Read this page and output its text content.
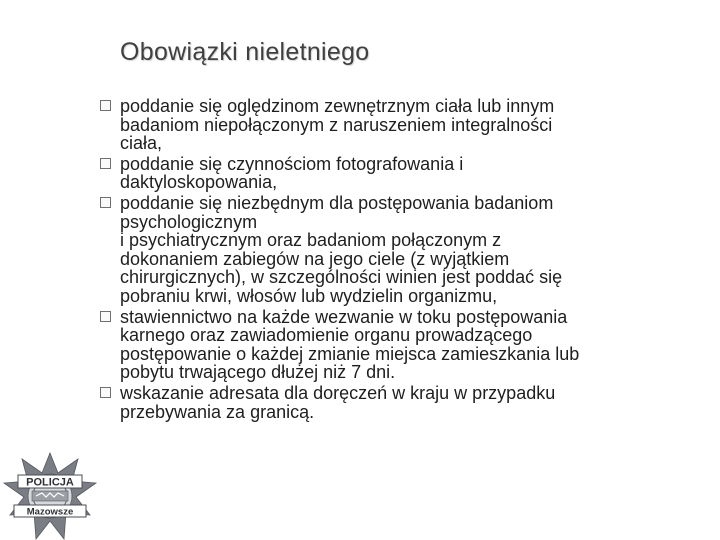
Obowiązki nieletniego
poddanie się oględzinom zewnętrznym ciała lub innym
badaniom niepołączonym z naruszeniem integralności
ciała,
poddanie się czynnościom fotografowania i
daktyloskopowania,
poddanie się niezbędnym dla postępowania badaniom
psychologicznym
i psychiatrycznym oraz badaniom połączonym z
dokonaniem zabiegów na jego ciele (z wyjątkiem
chirurgicznych), w szczególności winien jest poddać się
pobraniu krwi, włosów lub wydzielin organizmu,
stawiennictwo na każde wezwanie w toku postępowania
karnego oraz zawiadomienie organu prowadzącego
postępowanie o każdej zmianie miejsca zamieszkania lub
pobytu trwającego dłużej niż 7 dni.
wskazanie adresata dla doręczeń w kraju w przypadku
przebywania za granicą.
POLICJA
Mazowsze
